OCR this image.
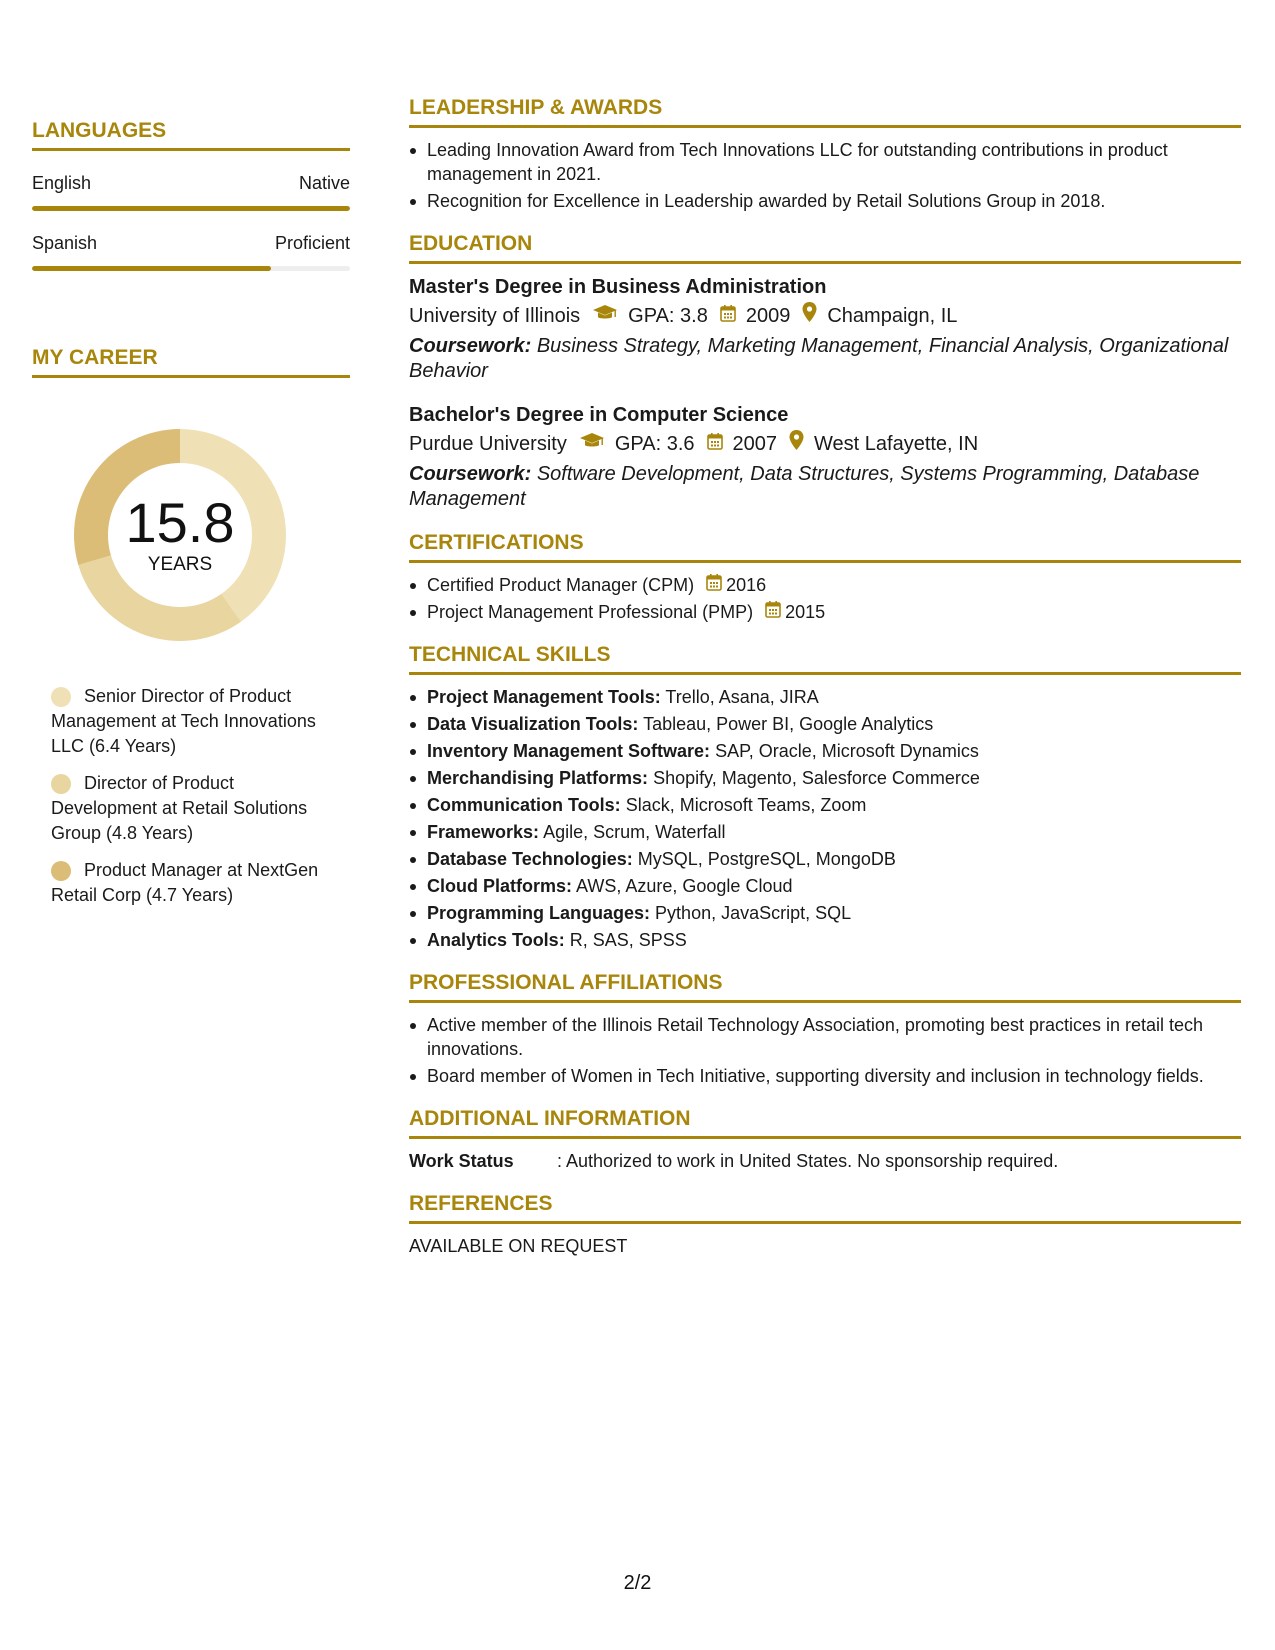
LANGUAGES
English	Native
Spanish	Proficient
MY CAREER
15.8
YEARS
Senior Director of Product Management at Tech Innovations LLC (6.4 Years)
Director of Product Development at Retail Solutions Group (4.8 Years)
Product Manager at NextGen Retail Corp (4.7 Years)
LEADERSHIP & AWARDS
Leading Innovation Award from Tech Innovations LLC for outstanding contributions in product management in 2021.
Recognition for Excellence in Leadership awarded by Retail Solutions Group in 2018.
EDUCATION
Master's Degree in Business Administration
University of Illinois GPA: 3.8 2009 Champaign, IL
Coursework: Business Strategy, Marketing Management, Financial Analysis, Organizational Behavior
Bachelor's Degree in Computer Science
Purdue University GPA: 3.6 2007 West Lafayette, IN
Coursework: Software Development, Data Structures, Systems Programming, Database Management
CERTIFICATIONS
Certified Product Manager (CPM) 2016
Project Management Professional (PMP) 2015
TECHNICAL SKILLS
Project Management Tools: Trello, Asana, JIRA
Data Visualization Tools: Tableau, Power BI, Google Analytics
Inventory Management Software: SAP, Oracle, Microsoft Dynamics
Merchandising Platforms: Shopify, Magento, Salesforce Commerce
Communication Tools: Slack, Microsoft Teams, Zoom
Frameworks: Agile, Scrum, Waterfall
Database Technologies: MySQL, PostgreSQL, MongoDB
Cloud Platforms: AWS, Azure, Google Cloud
Programming Languages: Python, JavaScript, SQL
Analytics Tools: R, SAS, SPSS
PROFESSIONAL AFFILIATIONS
Active member of the Illinois Retail Technology Association, promoting best practices in retail tech innovations.
Board member of Women in Tech Initiative, supporting diversity and inclusion in technology fields.
ADDITIONAL INFORMATION
Work Status	: Authorized to work in United States. No sponsorship required.
REFERENCES
AVAILABLE ON REQUEST
2/2
